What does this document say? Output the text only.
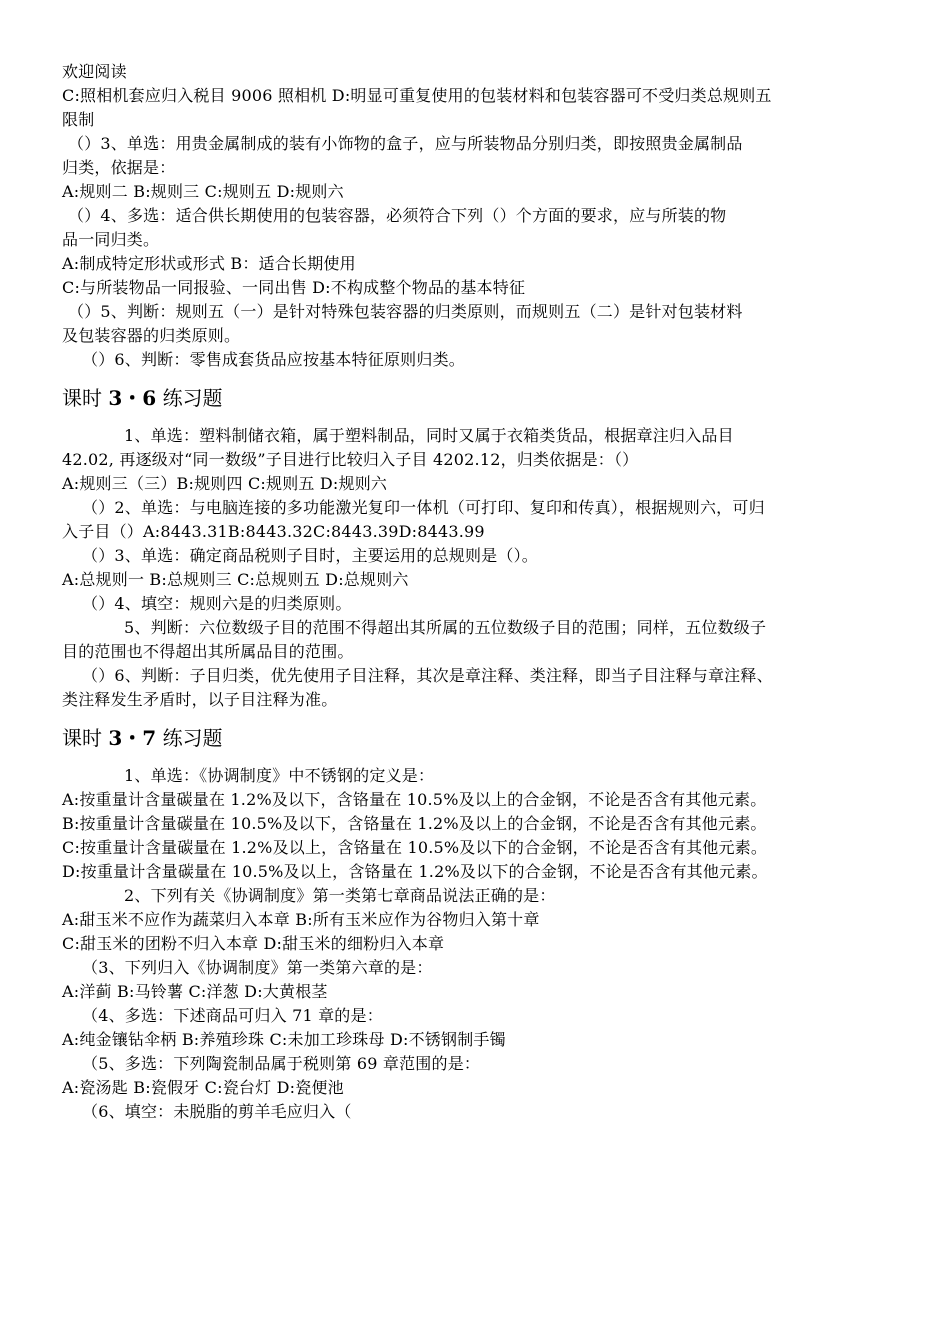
欢迎阅读
C:照相机套应归入税目 9006 照相机 D:明显可重复使用的包装材料和包装容器可不受归类总规则五
限制
（）3、单选：用贵金属制成的装有小饰物的盒子，应与所装物品分别归类，即按照贵金属制品
归类，依据是：
A:规则二 B:规则三 C:规则五 D:规则六
（）4、多选：适合供长期使用的包装容器，必须符合下列（）个方面的要求，应与所装的物
品一同归类。
A:制成特定形状或形式 B：适合长期使用
C:与所装物品一同报验、一同出售 D:不构成整个物品的基本特征
（）5、判断：规则五（一）是针对特殊包装容器的归类原则，而规则五（二）是针对包装材料
及包装容器的归类原则。
（）6、判断：零售成套货品应按基本特征原则归类。
课时 3・6 练习题
1、单选：塑料制储衣箱，属于塑料制品，同时又属于衣箱类货品，根据章注归入品目
42.02, 再逐级对“同一数级”子目进行比较归入子目 4202.12，归类依据是：（）
A:规则三（三）B:规则四 C:规则五 D:规则六
（）2、单选：与电脑连接的多功能激光复印一体机（可打印、复印和传真），根据规则六，可归
入子目（）A:8443.31B:8443.32C:8443.39D:8443.99
（）3、单选：确定商品税则子目时，主要运用的总规则是（）。
A:总规则一 B:总规则三 C:总规则五 D:总规则六
（）4、填空：规则六是的归类原则。
5、判断：六位数级子目的范围不得超出其所属的五位数级子目的范围；同样，五位数级子
目的范围也不得超出其所属品目的范围。
（）6、判断：子目归类，优先使用子目注释，其次是章注释、类注释，即当子目注释与章注释、
类注释发生矛盾时，以子目注释为准。
课时 3・7 练习题
1、单选：《协调制度》中不锈钢的定义是：
A:按重量计含量碳量在 1.2%及以下，含铬量在 10.5%及以上的合金钢，不论是否含有其他元素。
B:按重量计含量碳量在 10.5%及以下，含铬量在 1.2%及以上的合金钢，不论是否含有其他元素。
C:按重量计含量碳量在 1.2%及以上，含铬量在 10.5%及以下的合金钢，不论是否含有其他元素。
D:按重量计含量碳量在 10.5%及以上，含铬量在 1.2%及以下的合金钢，不论是否含有其他元素。
2、下列有关《协调制度》第一类第七章商品说法正确的是：
A:甜玉米不应作为蔬菜归入本章 B:所有玉米应作为谷物归入第十章
C:甜玉米的团粉不归入本章 D:甜玉米的细粉归入本章
（3、下列归入《协调制度》第一类第六章的是：
A:洋蓟 B:马铃薯 C:洋葱 D:大黄根茎
（4、多选：下述商品可归入 71 章的是：
A:纯金镶钻伞柄 B:养殖珍珠 C:未加工珍珠母 D:不锈钢制手镯
（5、多选：下列陶瓷制品属于税则第 69 章范围的是：
A:瓷汤匙 B:瓷假牙 C:瓷台灯 D:瓷便池
（6、填空：未脱脂的剪羊毛应归入（
